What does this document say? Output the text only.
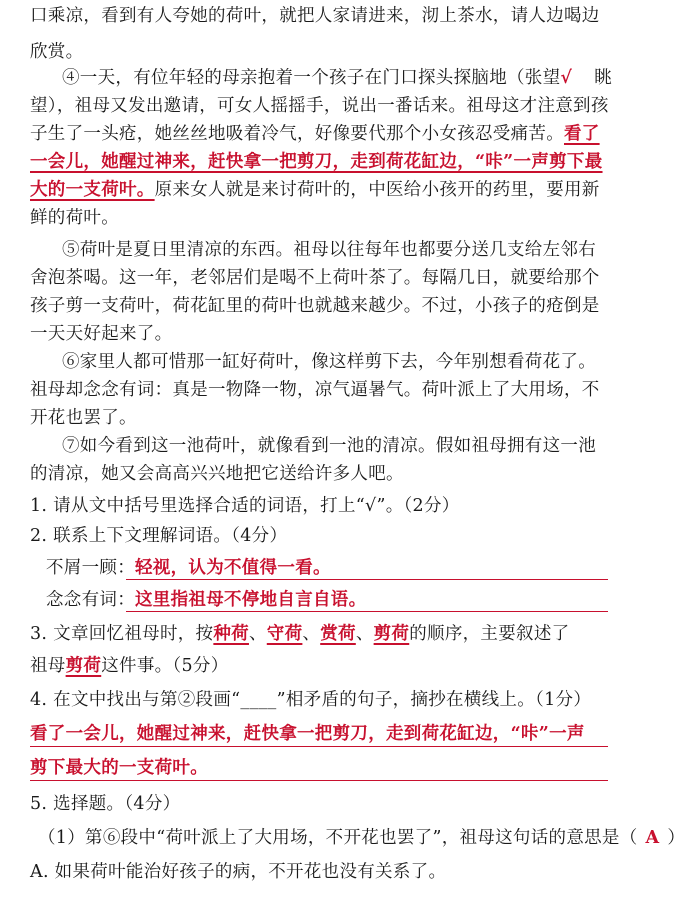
口乘凉，看到有人夸她的荷叶，就把人家请进来，沏上茶水，请人边喝边
欣赏。
④一天，有位年轻的母亲抱着一个孩子在门口探头探脑地（张望√ 眺
望），祖母又发出邀请，可女人摇摇手，说出一番话来。祖母这才注意到孩
子生了一头疮，她丝丝地吸着冷气，好像要代那个小女孩忍受痛苦。看了
一会儿，她醒过神来，赶快拿一把剪刀，走到荷花缸边，“咔”一声剪下最
大的一支荷叶。原来女人就是来讨荷叶的，中医给小孩开的药里，要用新
鲜的荷叶。
⑤荷叶是夏日里清凉的东西。祖母以往每年也都要分送几支给左邻右
舍泡茶喝。这一年，老邻居们是喝不上荷叶茶了。每隔几日，就要给那个
孩子剪一支荷叶，荷花缸里的荷叶也就越来越少。不过，小孩子的疮倒是
一天天好起来了。
⑥家里人都可惜那一缸好荷叶，像这样剪下去，今年别想看荷花了。
祖母却念念有词：真是一物降一物，凉气逼暑气。荷叶派上了大用场，不
开花也罢了。
⑦如今看到这一池荷叶，就像看到一池的清凉。假如祖母拥有这一池
的清凉，她又会高高兴兴地把它送给许多人吧。
1. 请从文中括号里选择合适的词语，打上“√”。（2分）
2. 联系上下文理解词语。（4分）
不屑一顾：轻视，认为不值得一看。
念念有词：这里指祖母不停地自言自语。
3. 文章回忆祖母时，按种荷、守荷、赏荷、剪荷的顺序，主要叙述了
祖母剪荷这件事。（5分）
4. 在文中找出与第②段画“____”相矛盾的句子，摘抄在横线上。（1分）
看了一会儿，她醒过神来，赶快拿一把剪刀，走到荷花缸边，“咔”一声
剪下最大的一支荷叶。
5. 选择题。（4分）
（1）第⑥段中“荷叶派上了大用场，不开花也罢了”，祖母这句话的意思是（ A ）
A. 如果荷叶能治好孩子的病，不开花也没有关系了。
